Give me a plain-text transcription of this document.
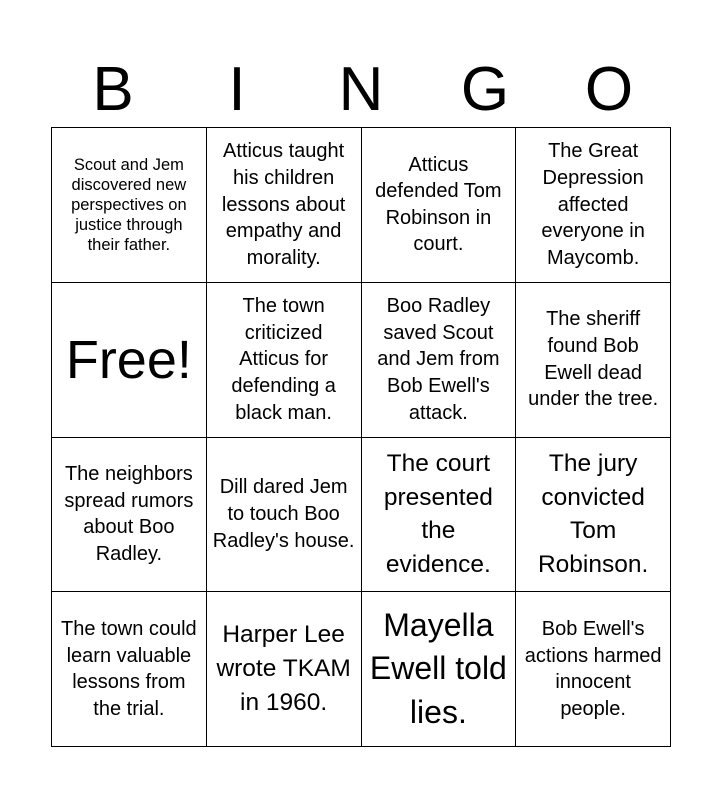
B	I	N	G	O
Scout and Jem discovered new perspectives on justice through their father.
Atticus taught his children lessons about empathy and morality.
Atticus defended Tom Robinson in court.
The Great Depression affected everyone in Maycomb.
Free!
The town criticized Atticus for defending a black man.
Boo Radley saved Scout and Jem from Bob Ewell's attack.
The sheriff found Bob Ewell dead under the tree.
The neighbors spread rumors about Boo Radley.
Dill dared Jem to touch Boo Radley's house.
The court presented the evidence.
The jury convicted Tom Robinson.
The town could learn valuable lessons from the trial.
Harper Lee wrote TKAM in 1960.
Mayella Ewell told lies.
Bob Ewell's actions harmed innocent people.
